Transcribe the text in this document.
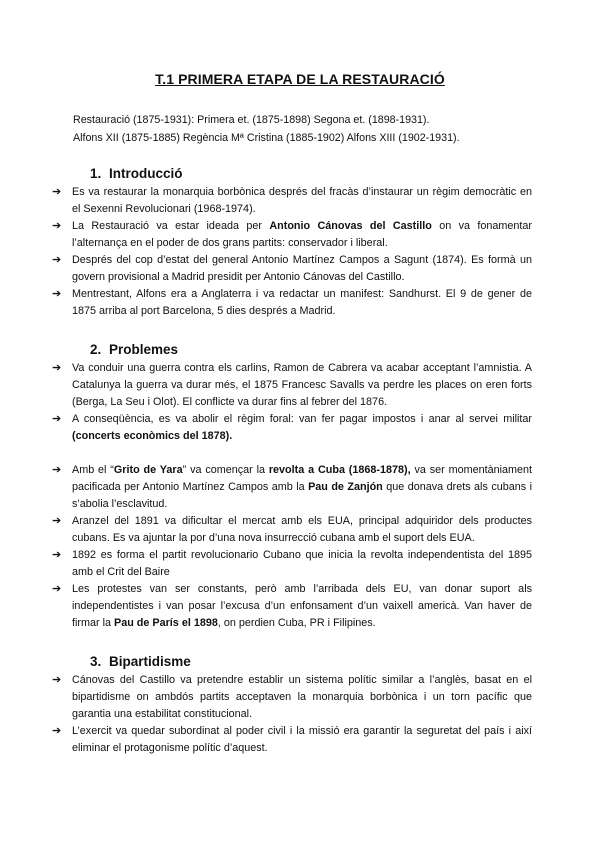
T.1 PRIMERA ETAPA DE LA RESTAURACIÓ
Restauració (1875-1931): Primera et. (1875-1898) Segona et. (1898-1931).
Alfons XII (1875-1885) Regència Mª Cristina (1885-1902) Alfons XIII (1902-1931).
1. Introducció
➔ Es va restaurar la monarquia borbònica després del fracàs d’instaurar un règim democràtic en el Sexenni Revolucionari (1968-1974).
➔ La Restauració va estar ideada per Antonio Cánovas del Castillo on va fonamentar l’alternança en el poder de dos grans partits: conservador i liberal.
➔ Després del cop d’estat del general Antonio Martínez Campos a Sagunt (1874). Es formà un govern provisional a Madrid presidit per Antonio Cánovas del Castillo.
➔ Mentrestant, Alfons era a Anglaterra i va redactar un manifest: Sandhurst. El 9 de gener de 1875 arriba al port Barcelona, 5 dies després a Madrid.
2. Problemes
➔ Va conduir una guerra contra els carlins, Ramon de Cabrera va acabar acceptant l’amnistia. A Catalunya la guerra va durar més, el 1875 Francesc Savalls va perdre les places on eren forts (Berga, La Seu i Olot). El conflicte va durar fins al febrer del 1876.
➔ A conseqüència, es va abolir el règim foral: van fer pagar impostos i anar al servei militar (concerts econòmics del 1878).
➔ Amb el “Grito de Yara” va començar la revolta a Cuba (1868-1878), va ser momentàniament pacificada per Antonio Martínez Campos amb la Pau de Zanjón que donava drets als cubans i s’abolia l’esclavitud.
➔ Aranzel del 1891 va dificultar el mercat amb els EUA, principal adquiridor dels productes cubans. Es va ajuntar la por d’una nova insurrecció cubana amb el suport dels EUA.
➔ 1892 es forma el partit revolucionario Cubano que inicia la revolta independentista del 1895 amb el Crit del Baire
➔ Les protestes van ser constants, però amb l’arribada dels EU, van donar suport als independentistes i van posar l’excusa d’un enfonsament d’un vaixell americà. Van haver de firmar la Pau de París el 1898, on perdien Cuba, PR i Filipines.
3. Bipartidisme
➔ Cánovas del Castillo va pretendre establir un sistema polític similar a l’anglès, basat en el bipartidisme on ambdós partits acceptaven la monarquia borbònica i un torn pacífic que garantia una estabilitat constitucional.
➔ L’exercit va quedar subordinat al poder civil i la missió era garantir la seguretat del país i així eliminar el protagonisme polític d’aquest.
